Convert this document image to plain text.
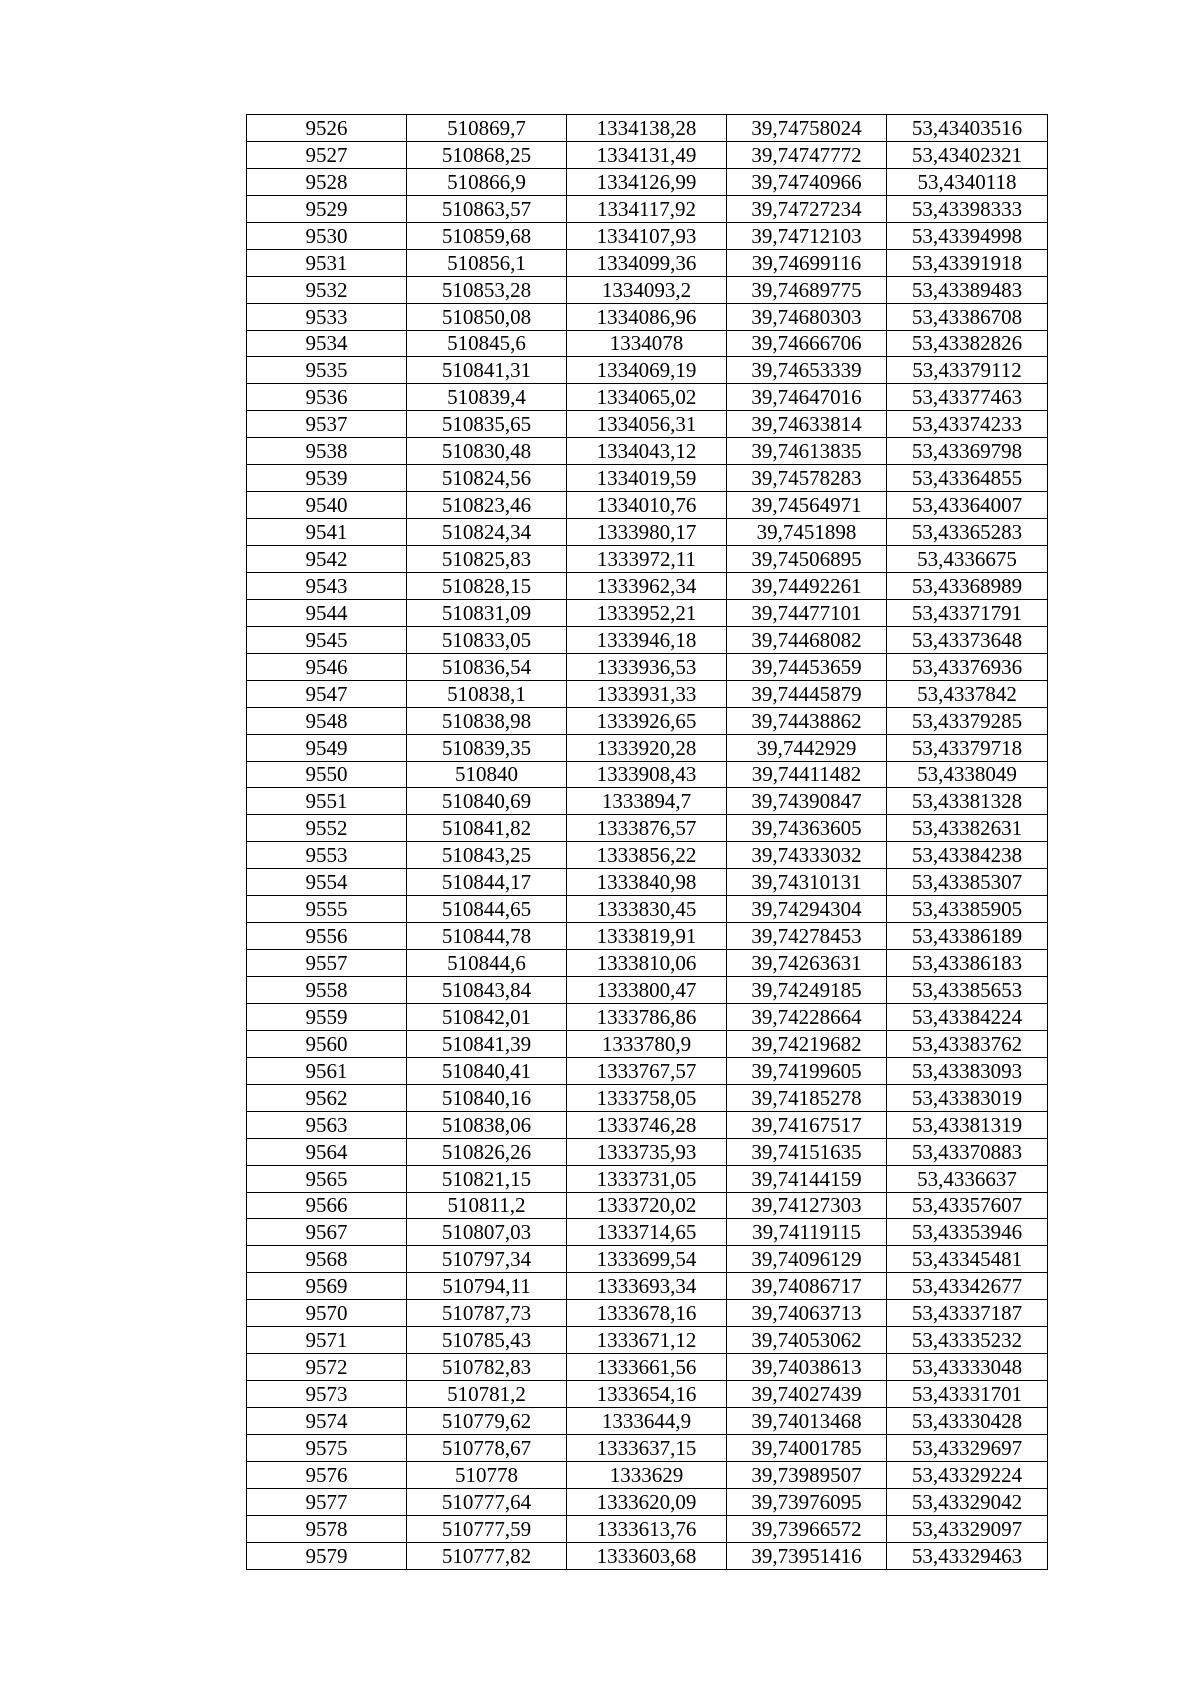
9526	510869,7	1334138,28	39,74758024	53,43403516
9527	510868,25	1334131,49	39,74747772	53,43402321
9528	510866,9	1334126,99	39,74740966	53,4340118
9529	510863,57	1334117,92	39,74727234	53,43398333
9530	510859,68	1334107,93	39,74712103	53,43394998
9531	510856,1	1334099,36	39,74699116	53,43391918
9532	510853,28	1334093,2	39,74689775	53,43389483
9533	510850,08	1334086,96	39,74680303	53,43386708
9534	510845,6	1334078	39,74666706	53,43382826
9535	510841,31	1334069,19	39,74653339	53,43379112
9536	510839,4	1334065,02	39,74647016	53,43377463
9537	510835,65	1334056,31	39,74633814	53,43374233
9538	510830,48	1334043,12	39,74613835	53,43369798
9539	510824,56	1334019,59	39,74578283	53,43364855
9540	510823,46	1334010,76	39,74564971	53,43364007
9541	510824,34	1333980,17	39,7451898	53,43365283
9542	510825,83	1333972,11	39,74506895	53,4336675
9543	510828,15	1333962,34	39,74492261	53,43368989
9544	510831,09	1333952,21	39,74477101	53,43371791
9545	510833,05	1333946,18	39,74468082	53,43373648
9546	510836,54	1333936,53	39,74453659	53,43376936
9547	510838,1	1333931,33	39,74445879	53,4337842
9548	510838,98	1333926,65	39,74438862	53,43379285
9549	510839,35	1333920,28	39,7442929	53,43379718
9550	510840	1333908,43	39,74411482	53,4338049
9551	510840,69	1333894,7	39,74390847	53,43381328
9552	510841,82	1333876,57	39,74363605	53,43382631
9553	510843,25	1333856,22	39,74333032	53,43384238
9554	510844,17	1333840,98	39,74310131	53,43385307
9555	510844,65	1333830,45	39,74294304	53,43385905
9556	510844,78	1333819,91	39,74278453	53,43386189
9557	510844,6	1333810,06	39,74263631	53,43386183
9558	510843,84	1333800,47	39,74249185	53,43385653
9559	510842,01	1333786,86	39,74228664	53,43384224
9560	510841,39	1333780,9	39,74219682	53,43383762
9561	510840,41	1333767,57	39,74199605	53,43383093
9562	510840,16	1333758,05	39,74185278	53,43383019
9563	510838,06	1333746,28	39,74167517	53,43381319
9564	510826,26	1333735,93	39,74151635	53,43370883
9565	510821,15	1333731,05	39,74144159	53,4336637
9566	510811,2	1333720,02	39,74127303	53,43357607
9567	510807,03	1333714,65	39,74119115	53,43353946
9568	510797,34	1333699,54	39,74096129	53,43345481
9569	510794,11	1333693,34	39,74086717	53,43342677
9570	510787,73	1333678,16	39,74063713	53,43337187
9571	510785,43	1333671,12	39,74053062	53,43335232
9572	510782,83	1333661,56	39,74038613	53,43333048
9573	510781,2	1333654,16	39,74027439	53,43331701
9574	510779,62	1333644,9	39,74013468	53,43330428
9575	510778,67	1333637,15	39,74001785	53,43329697
9576	510778	1333629	39,73989507	53,43329224
9577	510777,64	1333620,09	39,73976095	53,43329042
9578	510777,59	1333613,76	39,73966572	53,43329097
9579	510777,82	1333603,68	39,73951416	53,43329463
